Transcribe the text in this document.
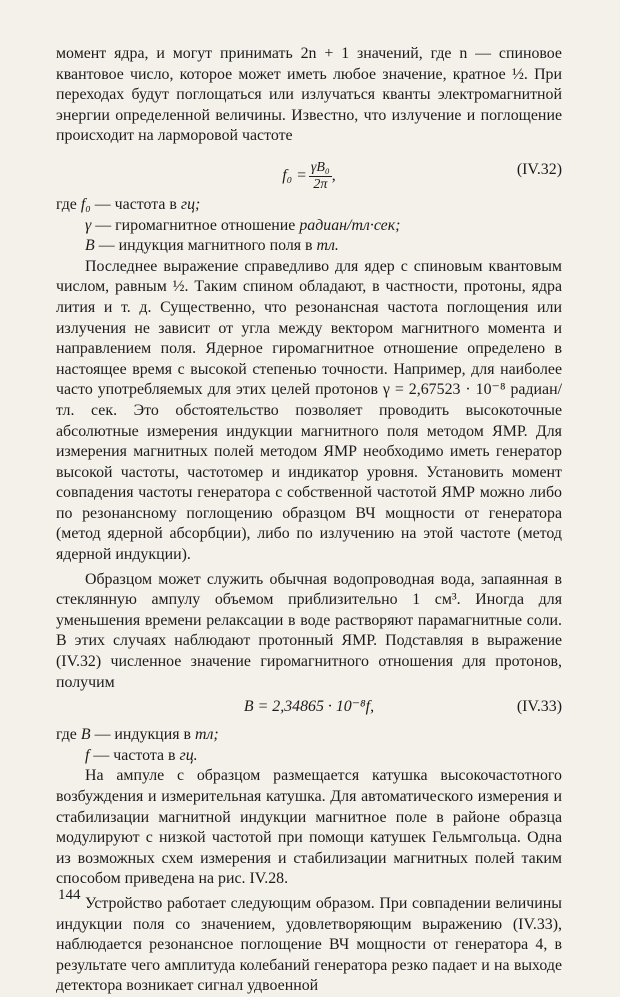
момент ядра, и могут принимать 2n + 1 значений, где n — спиновое квантовое число, которое может иметь любое значение, кратное ½. При переходах будут поглощаться или излучаться кванты электромагнитной энергии определенной величины. Известно, что излучение и поглощение происходит на ларморовой частоте

$f_0 = \frac{\text{γB₀}}{2\pi}$ ,	(IV.32)
где f₀ — частота в гц;
γ — гиромагнитное отношение радиан/тл·сек;
B — индукция магнитного поля в тл.

Последнее выражение справедливо для ядер с спиновым квантовым числом, равным ½. Таким спином обладают, в частности, протоны, ядра лития и т. д. Существенно, что резонансная частота поглощения или излучения не зависит от угла между вектором магнитного момента и направлением поля. Ядерное гиромагнитное отношение определено в настоящее время с высокой степенью точности. Например, для наиболее часто употребляемых для этих целей протонов γ = 2,67523 · 10⁻⁸ радиан/тл. сек. Это обстоятельство позволяет проводить высокоточные абсолютные измерения индукции магнитного поля методом ЯМР. Для измерения магнитных полей методом ЯМР необходимо иметь генератор высокой частоты, частотомер и индикатор уровня. Установить момент совпадения частоты генератора с собственной частотой ЯМР можно либо по резонансному поглощению образцом ВЧ мощности от генератора (метод ядерной абсорбции), либо по излучению на этой частоте (метод ядерной индукции).

Образцом может служить обычная водопроводная вода, запаянная в стеклянную ампулу объемом приблизительно 1 см³. Иногда для уменьшения времени релаксации в воде растворяют парамагнитные соли. В этих случаях наблюдают протонный ЯМР. Подставляя в выражение (IV.32) численное значение гиромагнитного отношения для протонов, получим

B = 2,34865 · 10⁻⁸f,	(IV.33)
где B — индукция в тл;
f — частота в гц.

На ампуле с образцом размещается катушка высокочастотного возбуждения и измерительная катушка. Для автоматического измерения и стабилизации магнитной индукции магнитное поле в районе образца модулируют с низкой частотой при помощи катушек Гельмгольца. Одна из возможных схем измерения и стабилизации магнитных полей таким способом приведена на рис. IV.28.

Устройство работает следующим образом. При совпадении величины индукции поля со значением, удовлетворяющим выражению (IV.33), наблюдается резонансное поглощение ВЧ мощности от генератора 4, в результате чего амплитуда колебаний генератора резко падает и на выходе детектора возникает сигнал удвоенной

144
